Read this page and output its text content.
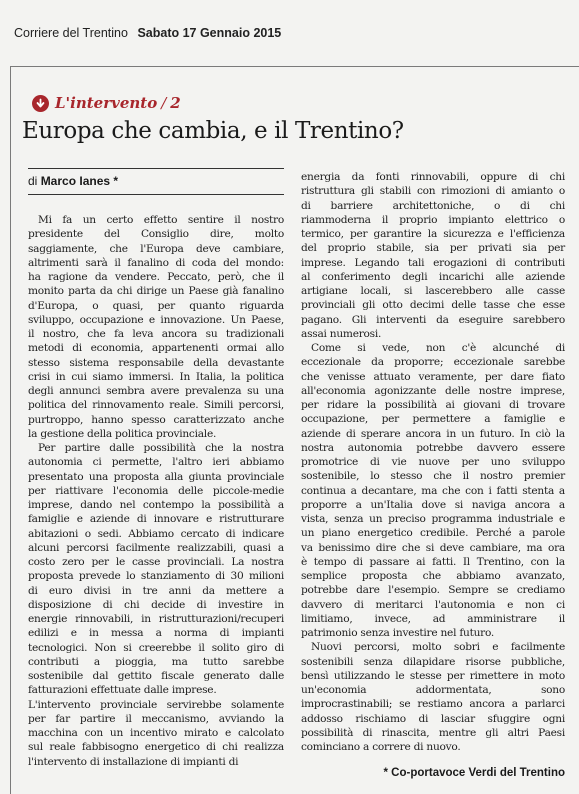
Corriere del Trentino Sabato 17 Gennaio 2015
L'intervento / 2
Europa che cambia, e il Trentino?
di Marco Ianes *
Mi fa un certo effetto sentire il nostro
presidente del Consiglio dire, molto
saggiamente, che l'Europa deve cambiare,
altrimenti sarà il fanalino di coda del mondo:
ha ragione da vendere. Peccato, però, che il
monito parta da chi dirige un Paese già fanalino
d'Europa, o quasi, per quanto riguarda
sviluppo, occupazione e innovazione. Un Paese,
il nostro, che fa leva ancora su tradizionali
metodi di economia, appartenenti ormai allo
stesso sistema responsabile della devastante
crisi in cui siamo immersi. In Italia, la politica
degli annunci sembra avere prevalenza su una
politica del rinnovamento reale. Simili percorsi,
purtroppo, hanno spesso caratterizzato anche
la gestione della politica provinciale.
Per partire dalle possibilità che la nostra
autonomia ci permette, l'altro ieri abbiamo
presentato una proposta alla giunta provinciale
per riattivare l'economia delle piccole-medie
imprese, dando nel contempo la possibilità a
famiglie e aziende di innovare e ristrutturare
abitazioni o sedi. Abbiamo cercato di indicare
alcuni percorsi facilmente realizzabili, quasi a
costo zero per le casse provinciali. La nostra
proposta prevede lo stanziamento di 30 milioni
di euro divisi in tre anni da mettere a
disposizione di chi decide di investire in
energie rinnovabili, in ristrutturazioni/recuperi
edilizi e in messa a norma di impianti
tecnologici. Non si creerebbe il solito giro di
contributi a pioggia, ma tutto sarebbe
sostenibile dal gettito fiscale generato dalle
fatturazioni effettuate dalle imprese.
L'intervento provinciale servirebbe solamente
per far partire il meccanismo, avviando la
macchina con un incentivo mirato e calcolato
sul reale fabbisogno energetico di chi realizza
l'intervento di installazione di impianti di
energia da fonti rinnovabili, oppure di chi
ristruttura gli stabili con rimozioni di amianto o
di barriere architettoniche, o di chi
riammoderna il proprio impianto elettrico o
termico, per garantire la sicurezza e l'efficienza
del proprio stabile, sia per privati sia per
imprese. Legando tali erogazioni di contributi
al conferimento degli incarichi alle aziende
artigiane locali, si lascerebbero alle casse
provinciali gli otto decimi delle tasse che esse
pagano. Gli interventi da eseguire sarebbero
assai numerosi.
Come si vede, non c'è alcunché di
eccezionale da proporre; eccezionale sarebbe
che venisse attuato veramente, per dare fiato
all'economia agonizzante delle nostre imprese,
per ridare la possibilità ai giovani di trovare
occupazione, per permettere a famiglie e
aziende di sperare ancora in un futuro. In ciò la
nostra autonomia potrebbe davvero essere
promotrice di vie nuove per uno sviluppo
sostenibile, lo stesso che il nostro premier
continua a decantare, ma che con i fatti stenta a
proporre a un'Italia dove si naviga ancora a
vista, senza un preciso programma industriale e
un piano energetico credibile. Perché a parole
va benissimo dire che si deve cambiare, ma ora
è tempo di passare ai fatti. Il Trentino, con la
semplice proposta che abbiamo avanzato,
potrebbe dare l'esempio. Sempre se crediamo
davvero di meritarci l'autonomia e non ci
limitiamo, invece, ad amministrare il
patrimonio senza investire nel futuro.
Nuovi percorsi, molto sobri e facilmente
sostenibili senza dilapidare risorse pubbliche,
bensì utilizzando le stesse per rimettere in moto
un'economia addormentata, sono
improcrastinabili; se restiamo ancora a parlarci
addosso rischiamo di lasciar sfuggire ogni
possibilità di rinascita, mentre gli altri Paesi
cominciano a correre di nuovo.
* Co-portavoce Verdi del Trentino
